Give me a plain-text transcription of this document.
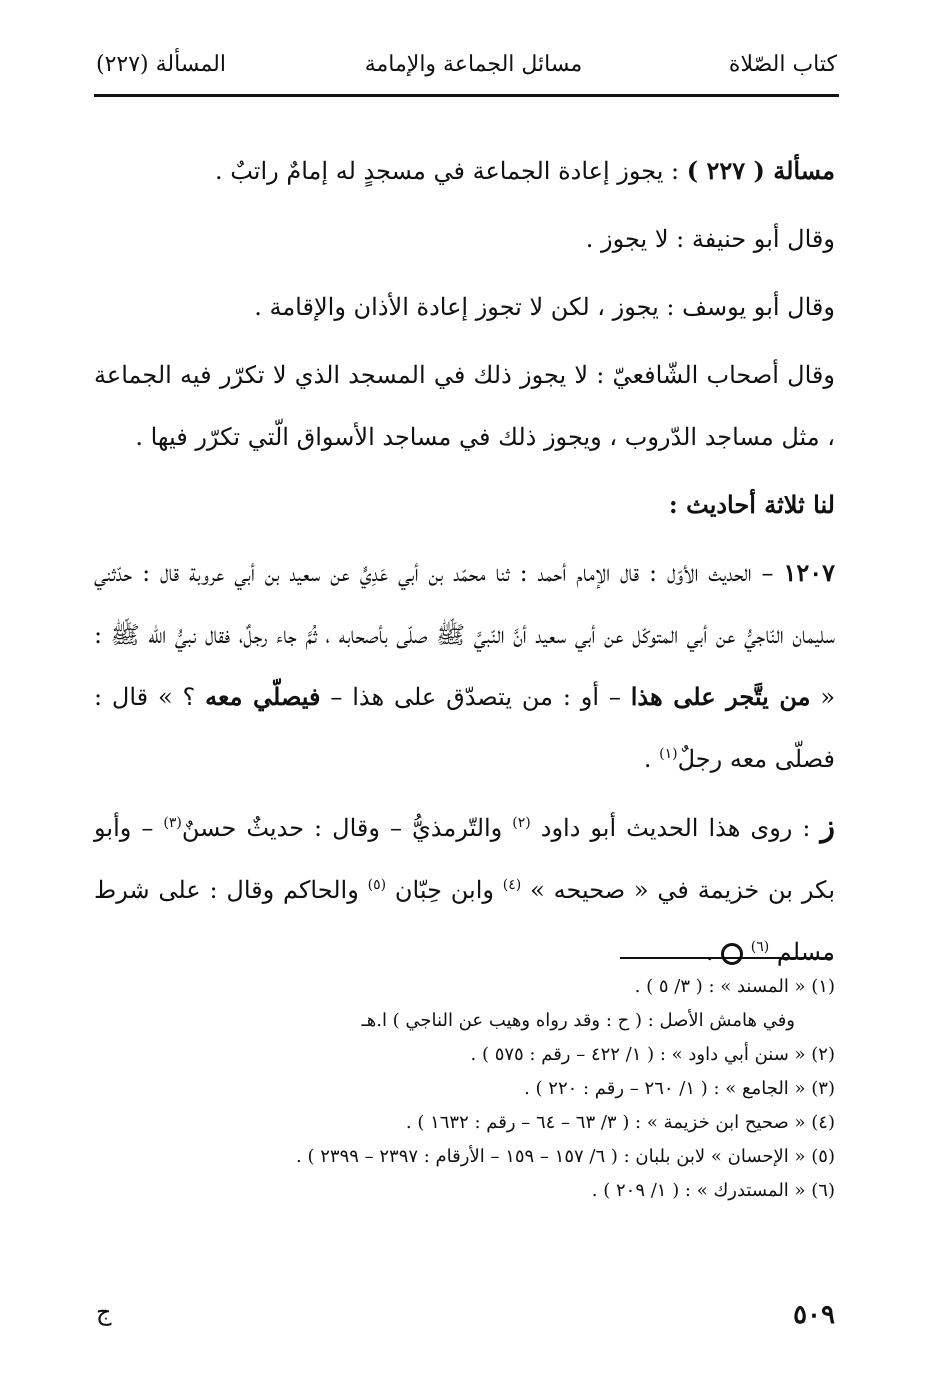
كتاب الصّلاة
مسائل الجماعة والإمامة
المسألة (٢٢٧)

مسألة ( ٢٢٧ ) : يجوز إعادة الجماعة في مسجدٍ له إمامٌ راتبٌ .

وقال أبو حنيفة : لا يجوز .

وقال أبو يوسف : يجوز ، لكن لا تجوز إعادة الأذان والإقامة .

وقال أصحاب الشّافعيّ : لا يجوز ذلك في المسجد الذي لا تكرّر فيه الجماعة ، مثل مساجد الدّروب ، ويجوز ذلك في مساجد الأسواق الّتي تكرّر فيها .

لنا ثلاثة أحاديث :

١٢٠٧ – الحديث الأوّل : قال الإمام أحمد : ثنا محمّد بن أبي عَدِيٍّ عن سعيد بن أبي عروبة قال : حدّثني سليمان النّاجيُّ عن أبي المتوكّل عن أبي سعيد أنَّ النّبيَّ ﷺ صلّى بأصحابه ، ثُمَّ جاء رجلٌ، فقال نبيُّ الله ﷺ : « من يتَّجر على هذا – أو : من يتصدّق على هذا – فيصلّي معه ؟ » قال : فصلّى معه رجلٌ$^{(١)}$ .

ز : روى هذا الحديث أبو داود $^{(٢)}$ والتّرمذيُّ – وقال : حديثٌ حسنٌ$^{(٣)}$ – وأبو بكر بن خزيمة في « صحيحه » $^{(٤)}$ وابن حِبّان $^{(٥)}$ والحاكم وقال : على شرط مسلم $^{(٦)}$  .

(١) « المسند » : ( ٣/ ٥ ) .

وفي هامش الأصل : ( ح : وقد رواه وهيب عن الناجي ) ا.هـ

(٢) « سنن أبي داود » : ( ١/ ٤٢٢ – رقم : ٥٧٥ ) .

(٣) « الجامع » : ( ١/ ٢٦٠ – رقم : ٢٢٠ ) .

(٤) « صحيح ابن خزيمة » : ( ٣/ ٦٣ – ٦٤ – رقم : ١٦٣٢ ) .

(٥) « الإحسان » لابن بلبان : ( ٦/ ١٥٧ – ١٥٩ – الأرقام : ٢٣٩٧ – ٢٣٩٩ ) .

(٦) « المستدرك » : ( ١/ ٢٠٩ ) .

٥٠٩
ج
